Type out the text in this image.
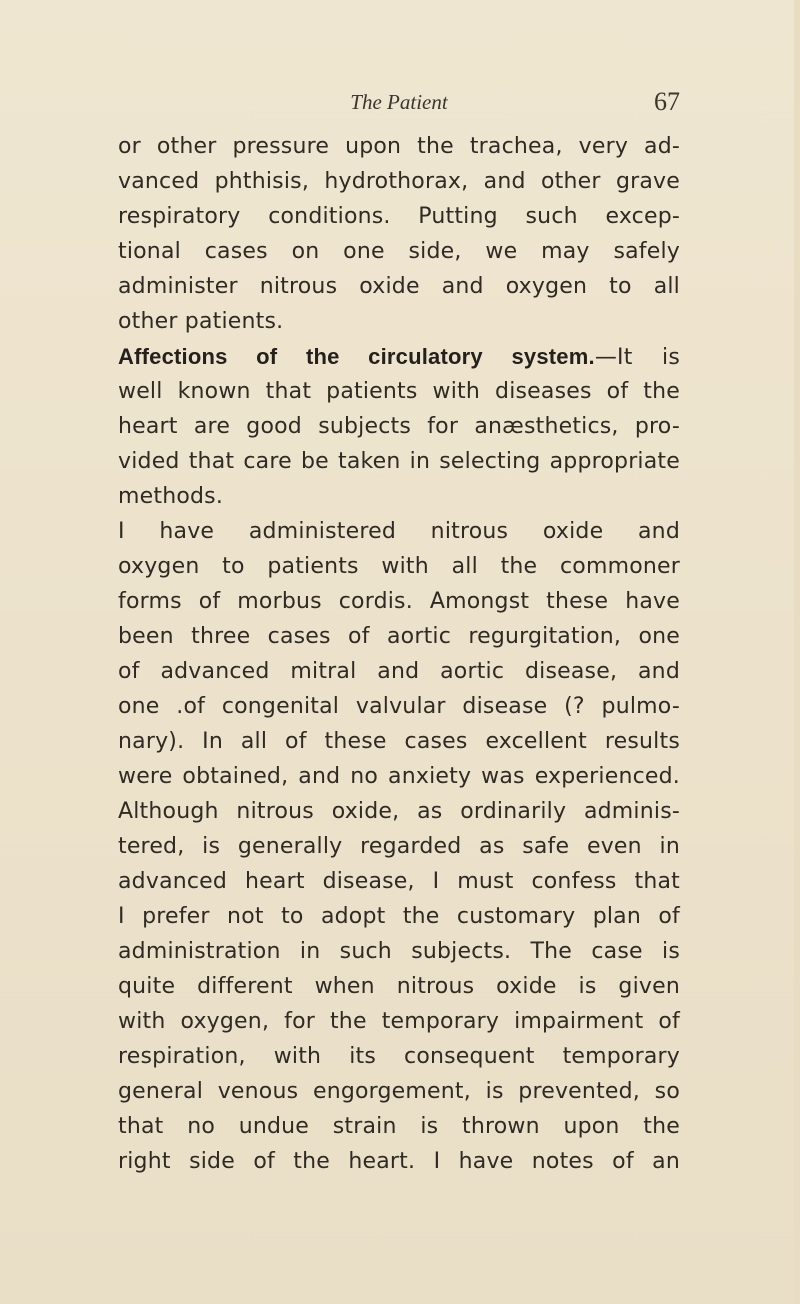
The Patient	67
or other pressure upon the trachea, very ad-
vanced phthisis, hydrothorax, and other grave
respiratory conditions. Putting such excep-
tional cases on one side, we may safely
administer nitrous oxide and oxygen to all
other patients.
Affections of the circulatory system.—It is
well known that patients with diseases of the
heart are good subjects for anæsthetics, pro-
vided that care be taken in selecting appropriate
methods.
I have administered nitrous oxide and
oxygen to patients with all the commoner
forms of morbus cordis. Amongst these have
been three cases of aortic regurgitation, one
of advanced mitral and aortic disease, and
one .of congenital valvular disease (? pulmo-
nary). In all of these cases excellent results
were obtained, and no anxiety was experienced.
Although nitrous oxide, as ordinarily adminis-
tered, is generally regarded as safe even in
advanced heart disease, I must confess that
I prefer not to adopt the customary plan of
administration in such subjects. The case is
quite different when nitrous oxide is given
with oxygen, for the temporary impairment of
respiration, with its consequent temporary
general venous engorgement, is prevented, so
that no undue strain is thrown upon the
right side of the heart. I have notes of an
